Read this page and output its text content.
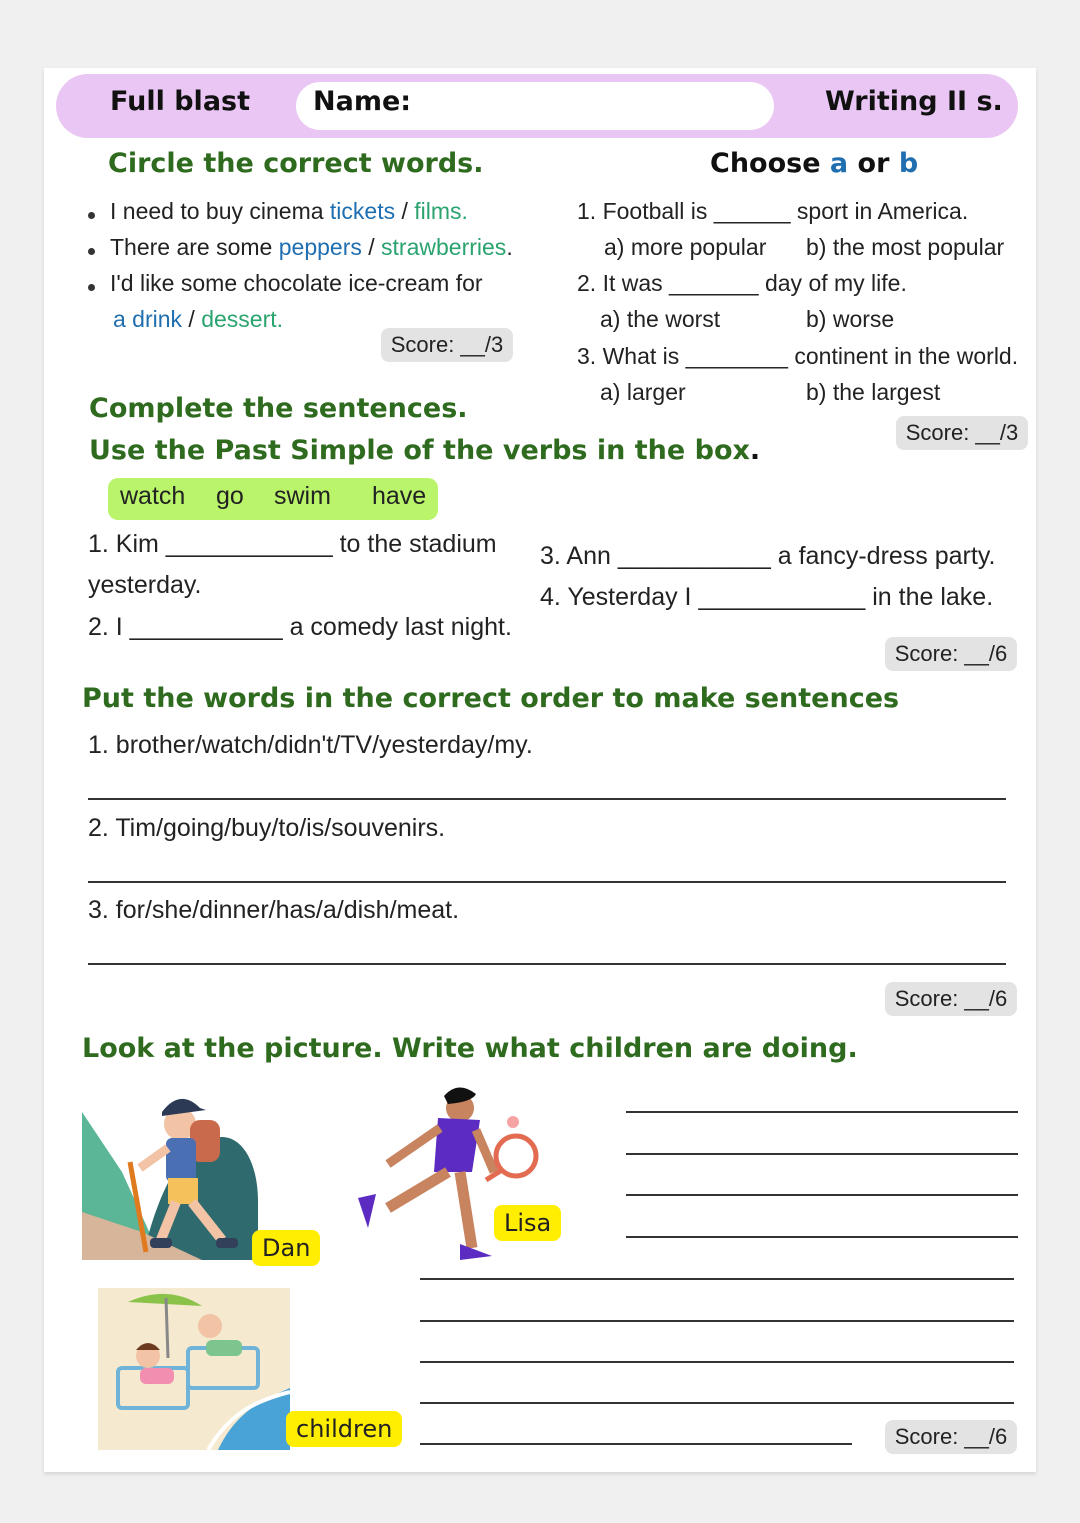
Full blast Name:	Writing II s.
Circle the correct words.
I need to buy cinema tickets / films.
There are some peppers / strawberries.
I'd like some chocolate ice-cream for
a drink / dessert.
Score: __/3
Choose a or b
1. Football is ______ sport in America.
a) more popular b) the most popular
2. It was _______ day of my life.
a) the worst	b) worse
3. What is ________ continent in the world.
a) larger	b) the largest
Score: __/3
Complete the sentences.
Use the Past Simple of the verbs in the box.
watch go swim have
1. Kim ____________ to the stadium
yesterday.
2. I ___________ a comedy last night.
3. Ann ___________ a fancy-dress party.
4. Yesterday I ____________ in the lake.
Score: __/6
Put the words in the correct order to make sentences
1. brother/watch/didn't/TV/yesterday/my.
2. Tim/going/buy/to/is/souvenirs.
3. for/she/dinner/has/a/dish/meat.
Score: __/6
Look at the picture. Write what children are doing.
Dan
Lisa
children	Score: __/6
